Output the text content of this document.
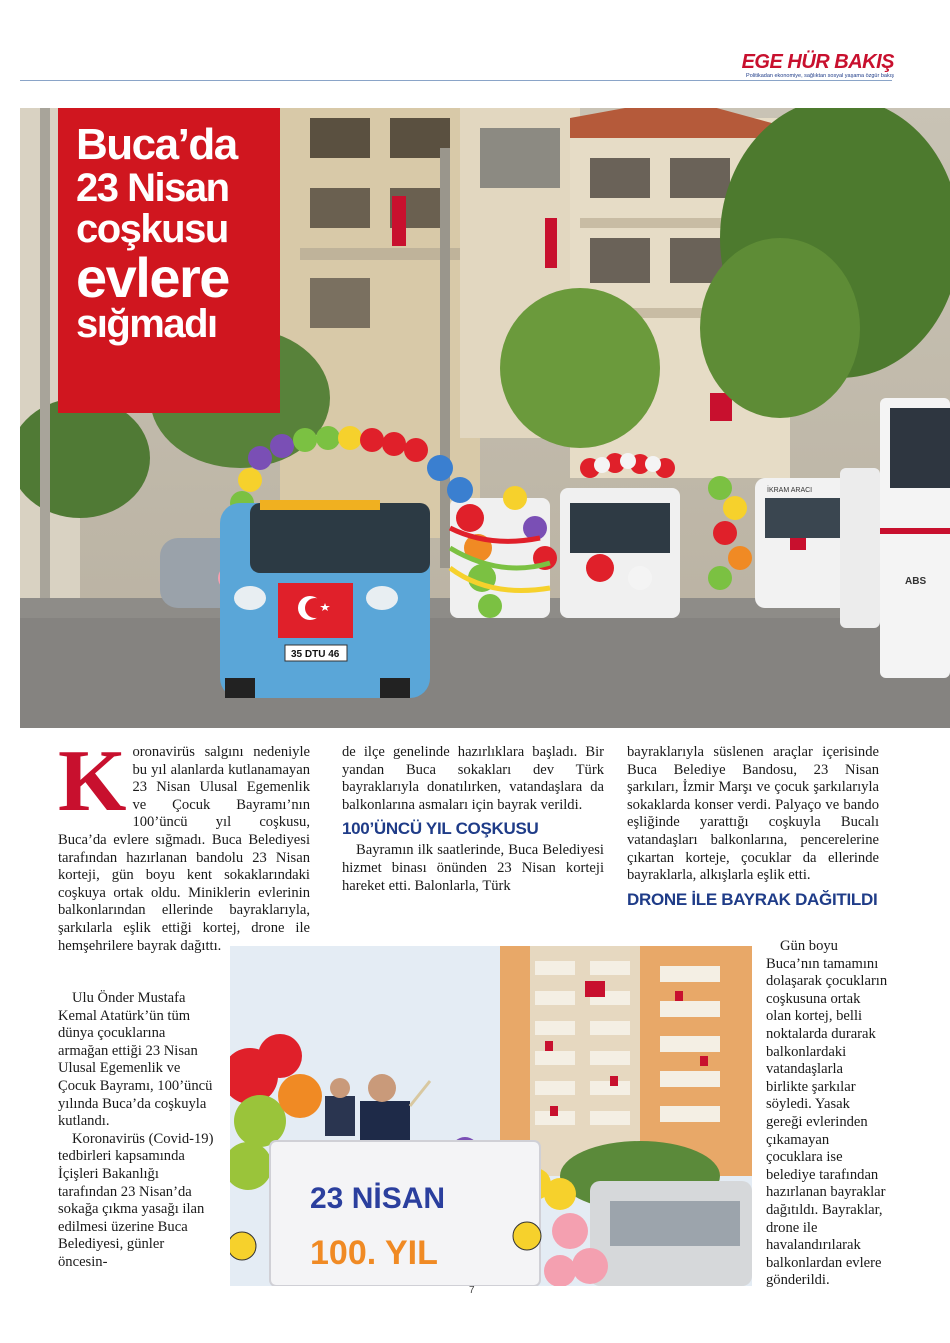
EGE HÜR BAKIŞ
Politikadan ekonomiye, sağlıktan sosyal yaşama özgür bakış
İKRAM ARACI
ABS
35 DTU 46
Buca’da
23 Nisan
coşkusu
evlere
sığmadı
K oronavirüs salgını nedeniyle bu yıl alanlarda kutlanamayan 23 Nisan Ulusal Egemenlik ve Çocuk Bayramı’nın 100’üncü yıl coşkusu, Buca’da evlere sığmadı. Buca Belediyesi tarafından hazırlanan bandolu 23 Nisan korteji, gün boyu kent sokaklarındaki coşkuya ortak oldu. Miniklerin evlerinin balkonlarından ellerinde bayraklarıyla, şarkılarla eşlik ettiği kortej, drone ile hemşehrilere bayrak dağıttı.

Ulu Önder Mustafa Kemal Atatürk’ün tüm dünya çocuklarına armağan ettiği 23 Nisan Ulusal Egemenlik ve Çocuk Bayramı, 100’üncü yılında Buca’da coşkuyla kutlandı.

Koronavirüs (Covid-19) tedbirleri kapsamında İçişleri Bakanlığı tarafından 23 Nisan’da sokağa çıkma yasağı ilan edilmesi üzerine Buca Belediyesi, günler öncesin-

de ilçe genelinde hazırlıklara başladı. Bir yandan Buca sokakları dev Türk bayraklarıyla donatılırken, vatandaşlara da balkonlarına asmaları için bayrak verildi.

100’ÜNCÜ YIL COŞKUSU

Bayramın ilk saatlerinde, Buca Belediyesi hizmet binası önünden 23 Nisan korteji hareket etti. Balonlarla, Türk

bayraklarıyla süslenen araçlar içerisinde Buca Belediye Bandosu, 23 Nisan şarkıları, İzmir Marşı ve çocuk şarkılarıyla sokaklarda konser verdi. Palyaço ve bando eşliğinde yarattığı coşkuyla Bucalı vatandaşları balkonlarına, pencerelerine çıkartan korteje, çocuklar da ellerinde bayraklarla, alkışlarla eşlik etti.

DRONE İLE BAYRAK DAĞITILDI

Gün boyu Buca’nın tamamını dolaşarak çocukların coşkusuna ortak olan kortej, belli noktalarda durarak balkonlardaki vatandaşlarla birlikte şarkılar söyledi. Yasak gereği evlerinden çıkamayan çocuklara ise belediye tarafından hazırlanan bayraklar dağıtıldı. Bayraklar, drone ile havalandırılarak balkonlardan evlere gönderildi.

23 NİSAN
100. YIL
7
